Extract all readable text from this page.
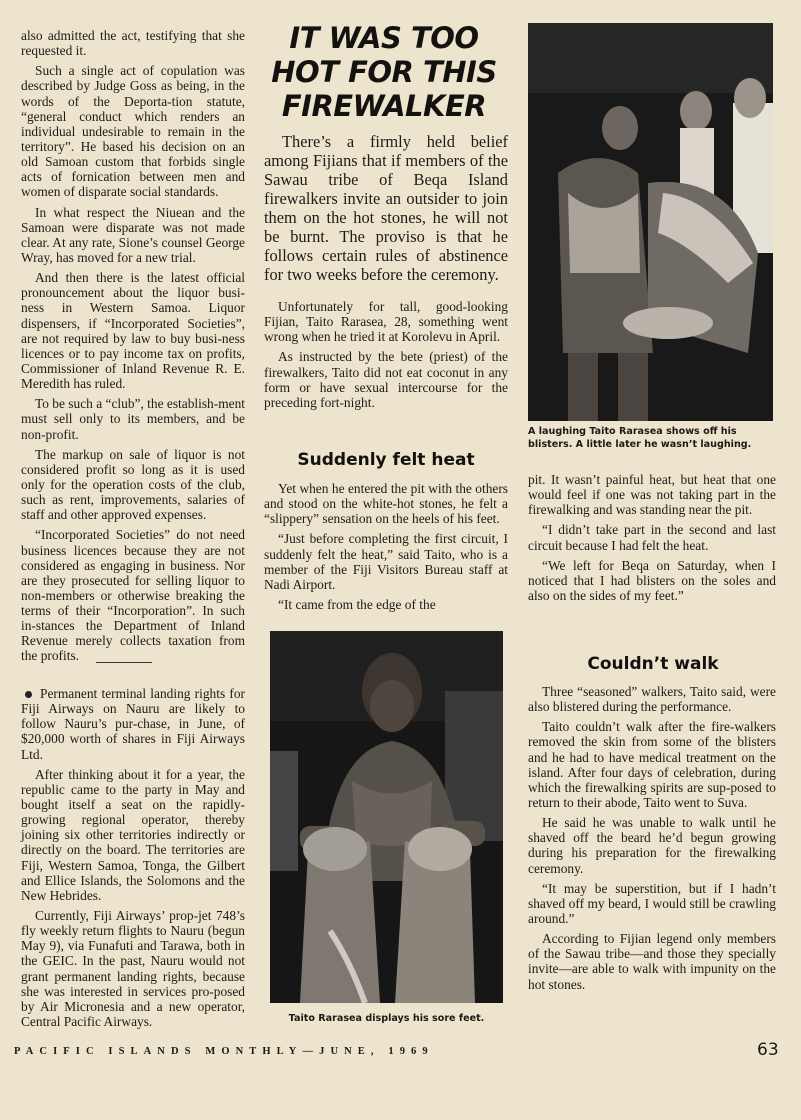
also admitted the act, testifying that she requested it.

Such a single act of copulation was described by Judge Goss as being, in the words of the Deporta-tion statute, “general conduct which renders an individual undesirable to remain in the territory”. He based his decision on an old Samoan custom that forbids single acts of fornication between men and women of disparate social standards.

In what respect the Niuean and the Samoan were disparate was not made clear. At any rate, Sione’s counsel George Wray, has moved for a new trial.

And then there is the latest official pronouncement about the liquor busi-ness in Western Samoa. Liquor dispensers, if “Incorporated Societies”, are not required by law to buy busi-ness licences or to pay income tax on profits, Commissioner of Inland Revenue R. E. Meredith has ruled.

To be such a “club”, the establish-ment must sell only to its members, and be non-profit.

The markup on sale of liquor is not considered profit so long as it is used only for the operation costs of the club, such as rent, improvements, salaries of staff and other approved expenses.

“Incorporated Societies” do not need business licences because they are not considered as engaging in business. Nor are they prosecuted for selling liquor to non-members or otherwise breaking the terms of their “Incorporation”. In such in-stances the Department of Inland Revenue merely collects taxation from the profits.

Permanent terminal landing rights for Fiji Airways on Nauru are likely to follow Nauru’s pur-chase, in June, of $20,000 worth of shares in Fiji Airways Ltd.

After thinking about it for a year, the republic came to the party in May and bought itself a seat on the rapidly-growing regional operator, thereby joining six other territories indirectly or directly on the board. The territories are Fiji, Western Samoa, Tonga, the Gilbert and Ellice Islands, the Solomons and the New Hebrides.

Currently, Fiji Airways’ prop-jet 748’s fly weekly return flights to Nauru (begun May 9), via Funafuti and Tarawa, both in the GEIC. In the past, Nauru would not grant permanent landing rights, because she was interested in services pro-posed by Air Micronesia and a new operator, Central Pacific Airways.

IT WAS TOO HOT FOR THIS FIREWALKER

There’s a firmly held belief among Fijians that if members of the Sawau tribe of Beqa Island firewalkers invite an outsider to join them on the hot stones, he will not be burnt. The proviso is that he follows certain rules of abstinence for two weeks before the ceremony.

Unfortunately for tall, good-looking Fijian, Taito Rarasea, 28, something went wrong when he tried it at Korolevu in April.

As instructed by the bete (priest) of the firewalkers, Taito did not eat coconut in any form or have sexual intercourse for the preceding fort-night.

Suddenly felt heat

Yet when he entered the pit with the others and stood on the white-hot stones, he felt a “slippery” sensation on the heels of his feet.

“Just before completing the first circuit, I suddenly felt the heat,” said Taito, who is a member of the Fiji Visitors Bureau staff at Nadi Airport.

“It came from the edge of the

Taito Rarasea displays his sore feet.
A laughing Taito Rarasea shows off his blisters. A little later he wasn’t laughing.

pit. It wasn’t painful heat, but heat that one would feel if one was not taking part in the firewalking and was standing near the pit.

“I didn’t take part in the second and last circuit because I had felt the heat.

“We left for Beqa on Saturday, when I noticed that I had blisters on the soles and also on the sides of my feet.”

Couldn’t walk

Three “seasoned” walkers, Taito said, were also blistered during the performance.

Taito couldn’t walk after the fire-walkers removed the skin from some of the blisters and he had to have medical treatment on the island. After four days of celebration, during which the firewalking spirits are sup-posed to return to their abode, Taito went to Suva.

He said he was unable to walk until he shaved off the beard he’d begun growing during his preparation for the firewalking ceremony.

“It may be superstition, but if I hadn’t shaved off my beard, I would still be crawling around.”

According to Fijian legend only members of the Sawau tribe—and those they specially invite—are able to walk with impunity on the hot stones.

PACIFIC ISLANDS MONTHLY—JUNE, 1969	63
